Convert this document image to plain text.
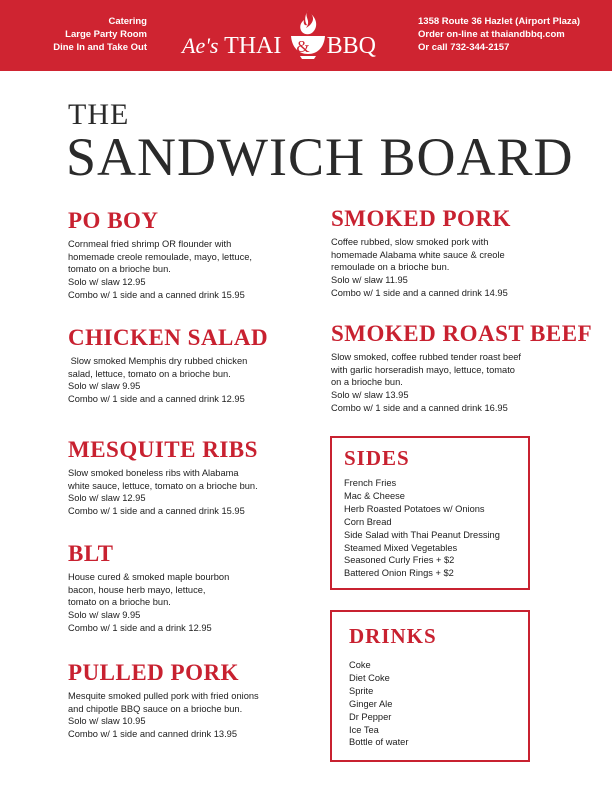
Catering
Large Party Room
Dine In and Take Out Ae's THAI & BBQ
1358 Route 36 Hazlet (Airport Plaza)
Order on-line at thaiandbbq.com
Or call 732-344-2157
THE
SANDWICH BOARD
PO BOY

Cornmeal fried shrimp OR flounder with

homemade creole remoulade, mayo, lettuce,

tomato on a brioche bun.

Solo w/ slaw 12.95

Combo w/ 1 side and a canned drink 15.95

CHICKEN SALAD

Slow smoked Memphis dry rubbed chicken

salad, lettuce, tomato on a brioche bun.

Solo w/ slaw 9.95

Combo w/ 1 side and a canned drink 12.95

MESQUITE RIBS

Slow smoked boneless ribs with Alabama

white sauce, lettuce, tomato on a brioche bun.

Solo w/ slaw 12.95

Combo w/ 1 side and a canned drink 15.95

BLT

House cured & smoked maple bourbon

bacon, house herb mayo, lettuce,

tomato on a brioche bun.

Solo w/ slaw 9.95

Combo w/ 1 side and a drink 12.95

PULLED PORK

Mesquite smoked pulled pork with fried onions

and chipotle BBQ sauce on a brioche bun.

Solo w/ slaw 10.95

Combo w/ 1 side and canned drink 13.95

SMOKED PORK

Coffee rubbed, slow smoked pork with

homemade Alabama white sauce & creole

remoulade on a brioche bun.

Solo w/ slaw 11.95

Combo w/ 1 side and a canned drink 14.95

SMOKED ROAST BEEF

Slow smoked, coffee rubbed tender roast beef

with garlic horseradish mayo, lettuce, tomato

on a brioche bun.

Solo w/ slaw 13.95

Combo w/ 1 side and a canned drink 16.95

SIDES
French Fries
Mac & Cheese
Herb Roasted Potatoes w/ Onions
Corn Bread
Side Salad with Thai Peanut Dressing
Steamed Mixed Vegetables
Seasoned Curly Fries + $2
Battered Onion Rings + $2
DRINKS
Coke
Diet Coke
Sprite
Ginger Ale
Dr Pepper
Ice Tea
Bottle of water
